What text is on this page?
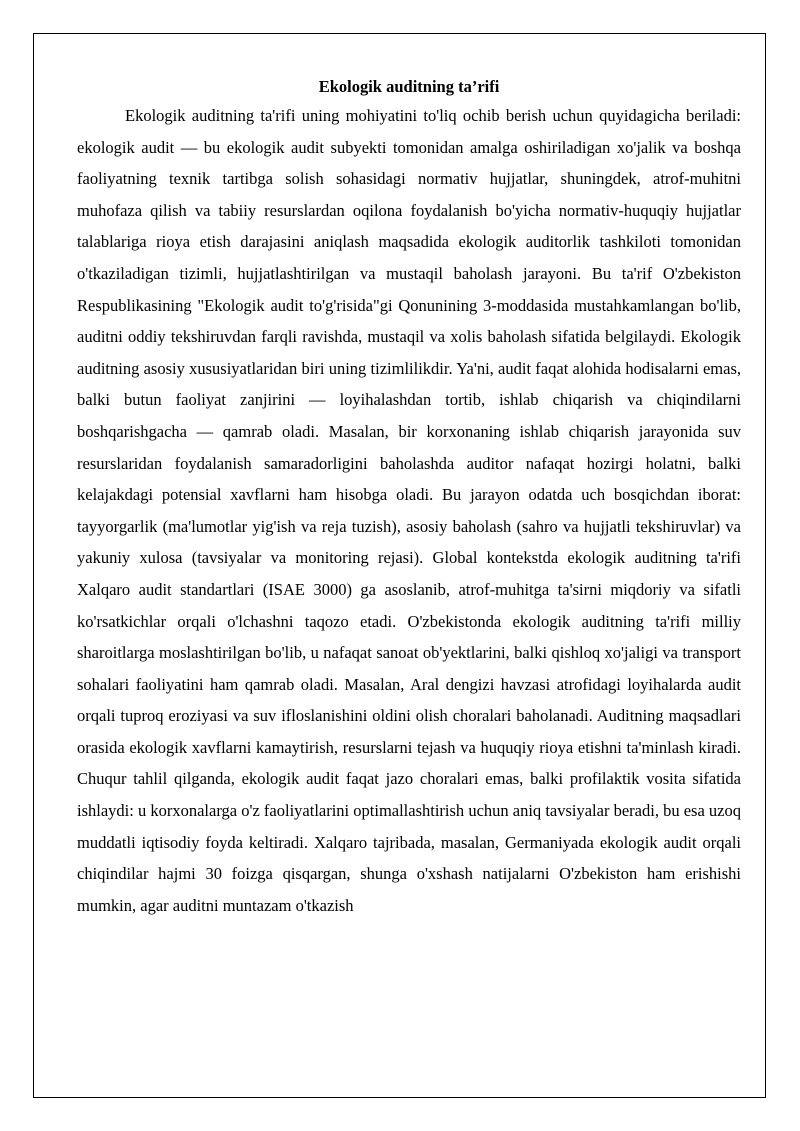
Ekologik auditning ta’rifi

Ekologik auditning ta'rifi uning mohiyatini to'liq ochib berish uchun quyidagicha beriladi: ekologik audit — bu ekologik audit subyekti tomonidan amalga oshiriladigan xo'jalik va boshqa faoliyatning texnik tartibga solish sohasidagi normativ hujjatlar, shuningdek, atrof-muhitni muhofaza qilish va tabiiy resurslardan oqilona foydalanish bo'yicha normativ-huquqiy hujjatlar talablariga rioya etish darajasini aniqlash maqsadida ekologik auditorlik tashkiloti tomonidan o'tkaziladigan tizimli, hujjatlashtirilgan va mustaqil baholash jarayoni. Bu ta'rif O'zbekiston Respublikasining "Ekologik audit to'g'risida"gi Qonunining 3-moddasida mustahkamlangan bo'lib, auditni oddiy tekshiruvdan farqli ravishda, mustaqil va xolis baholash sifatida belgilaydi. Ekologik auditning asosiy xususiyatlaridan biri uning tizimlilikdir. Ya'ni, audit faqat alohida hodisalarni emas, balki butun faoliyat zanjirini — loyihalashdan tortib, ishlab chiqarish va chiqindilarni boshqarishgacha — qamrab oladi. Masalan, bir korxonaning ishlab chiqarish jarayonida suv resurslaridan foydalanish samaradorligini baholashda auditor nafaqat hozirgi holatni, balki kelajakdagi potensial xavflarni ham hisobga oladi. Bu jarayon odatda uch bosqichdan iborat: tayyorgarlik (ma'lumotlar yig'ish va reja tuzish), asosiy baholash (sahro va hujjatli tekshiruvlar) va yakuniy xulosa (tavsiyalar va monitoring rejasi). Global kontekstda ekologik auditning ta'rifi Xalqaro audit standartlari (ISAE 3000) ga asoslanib, atrof-muhitga ta'sirni miqdoriy va sifatli ko'rsatkichlar orqali o'lchashni taqozo etadi. O'zbekistonda ekologik auditning ta'rifi milliy sharoitlarga moslashtirilgan bo'lib, u nafaqat sanoat ob'yektlarini, balki qishloq xo'jaligi va transport sohalari faoliyatini ham qamrab oladi. Masalan, Aral dengizi havzasi atrofidagi loyihalarda audit orqali tuproq eroziyasi va suv ifloslanishini oldini olish choralari baholanadi. Auditning maqsadlari orasida ekologik xavflarni kamaytirish, resurslarni tejash va huquqiy rioya etishni ta'minlash kiradi. Chuqur tahlil qilganda, ekologik audit faqat jazo choralari emas, balki profilaktik vosita sifatida ishlaydi: u korxonalarga o'z faoliyatlarini optimallashtirish uchun aniq tavsiyalar beradi, bu esa uzoq muddatli iqtisodiy foyda keltiradi. Xalqaro tajribada, masalan, Germaniyada ekologik audit orqali chiqindilar hajmi 30 foizga qisqargan, shunga o'xshash natijalarni O'zbekiston ham erishishi mumkin, agar auditni muntazam o'tkazish
